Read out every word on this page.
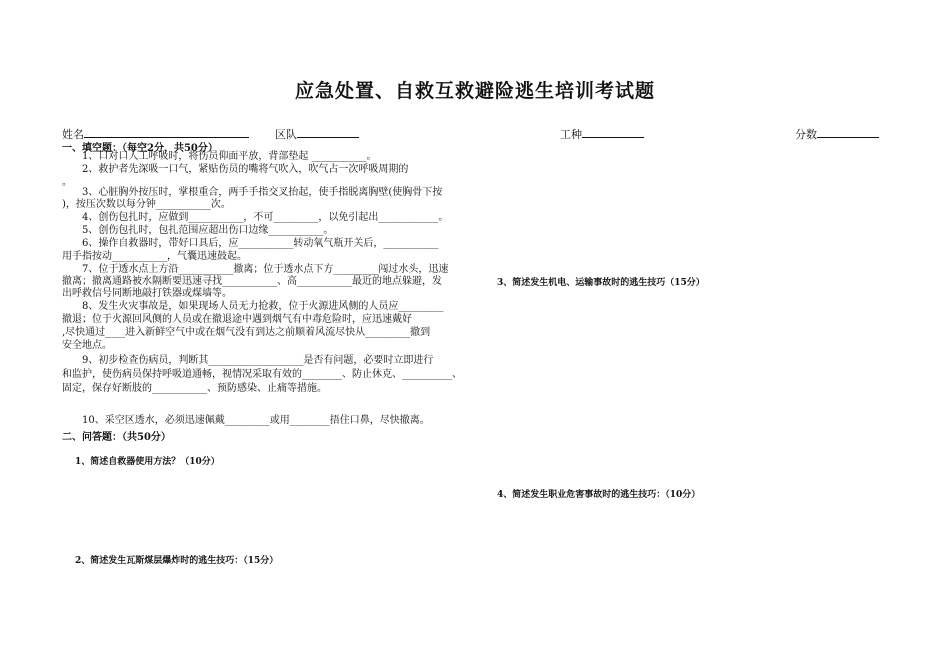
应急处置、自救互救避险逃生培训考试题
姓名	区队	工种	分数
一、填空题：（每空2分，共50分）
1、口对口人工呼吸时，将伤员仰面平放，背部垫起 ___________。
2、救护者先深吸一口气，紧贴伤员的嘴将气吹入，吹气占一次呼吸周期的
。
3、心脏胸外按压时，掌根重合，两手手指交叉抬起，使手指脱离胸壁(使胸骨下按
)，按压次数以每分钟___________次。
4、创伤包扎时，应做到___________，不可_________，以免引起出____________。
5、创伤包扎时，包扎范围应超出伤口边缘___________。
6、操作自救器时，带好口具后，应___________转动氧气瓶开关后，___________
用手指按动___________，气囊迅速鼓起。
7、位于透水点上方沿___________撤离；位于透水点下方_________闯过水头，迅速
撤离；撤离通路被水隔断要迅速寻找___________、高___________最近的地点躲避，发
出呼救信号同断地敲打铁器或煤墙等。
8、发生火灾事故是，如果现场人员无力抢救，位于火源进风侧的人员应_________
撤退；位于火源回风侧的人员或在撤退途中遇到烟气有中毒危险时，应迅速戴好
,尽快通过____进入新鲜空气中或在烟气没有到达之前顺着风流尽快从_________撤到
安全地点。
9、初步检查伤病员，判断其___________________是否有问题，必要时立即进行
和监护，使伤病员保持呼吸道通畅，视情况采取有效的________、防止休克、__________、
固定，保存好断肢的___________、预防感染、止痛等措施。
10、采空区透水，必须迅速佩戴_________或用________捂住口鼻，尽快撤离。
二、问答题：（共50分）
1、简述自救器使用方法？（10分）
2、简述发生瓦斯煤层爆炸时的逃生技巧：（15分）
3、简述发生机电、运输事故时的逃生技巧（15分）
4、简述发生职业危害事故时的逃生技巧：（10分）
